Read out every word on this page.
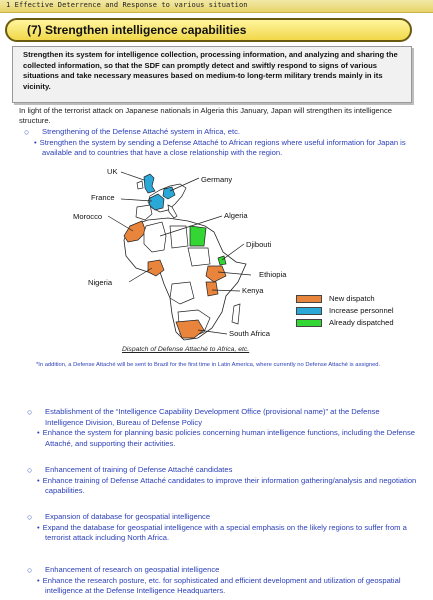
1 Effective Deterrence and Response to various situation
(7) Strengthen intelligence capabilities
Strengthen its system for intelligence collection, processing information, and analyzing and sharing the collected information, so that the SDF can promptly detect and swiftly respond to signs of various situations and take necessary measures based on medium-to long-term military trends mainly in its vicinity.
In light of the terrorist attack on Japanese nationals in Algeria this January, Japan will strengthen its intelligence structure.
○ Strengthening of the Defense Attaché system in Africa, etc.
• Strengthen the system by sending a Defense Attaché to African regions where useful information for Japan is available and to countries that have a close relationship with the region.
UK
France
Morocco
Germany
Algeria
Djibouti
Ethiopia
Kenya
Nigeria
South Africa
New dispatch
Increase personnel
Already dispatched
Dispatch of Defense Attaché to Africa, etc.
*In addition, a Defense Attaché will be sent to Brazil for the first time in Latin America, where currently no Defense Attaché is assigned.
○ Establishment of the “Intelligence Capability Development Office (provisional name)” at the Defense Intelligence Division, Bureau of Defense Policy
• Enhance the system for planning basic policies concerning human intelligence functions, including the Defense Attaché, and supporting their activities.
○ Enhancement of training of Defense Attaché candidates
• Enhance training of Defense Attaché candidates to improve their information gathering/analysis and negotiation capabilities.
○ Expansion of database for geospatial intelligence
• Expand the database for geospatial intelligence with a special emphasis on the likely regions to suffer from a terrorist attack including North Africa.
○ Enhancement of research on geospatial intelligence
• Enhance the research posture, etc. for sophisticated and efficient development and utilization of geospatial intelligence at the Defense Intelligence Headquarters.
